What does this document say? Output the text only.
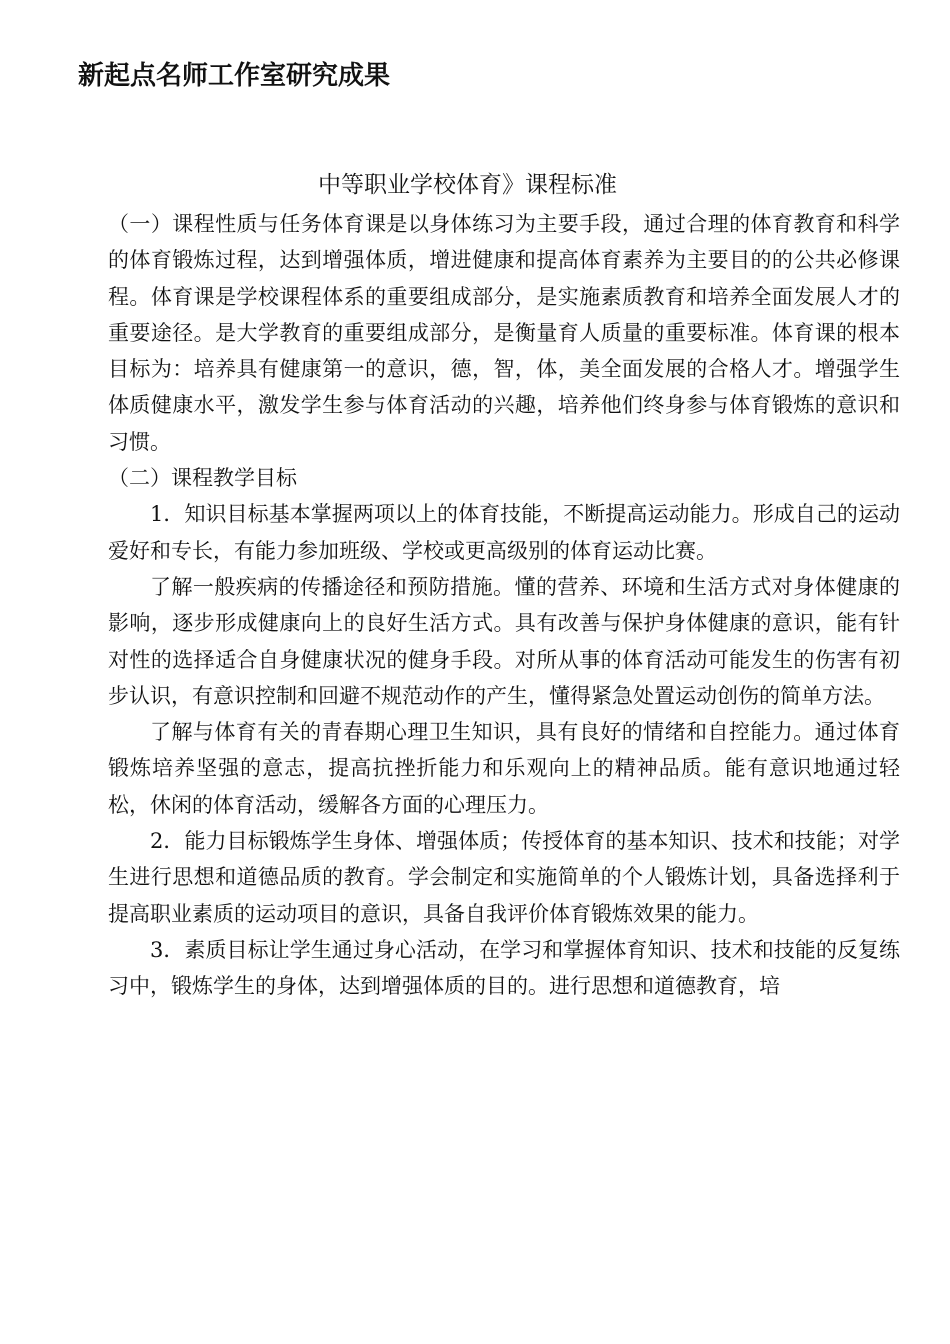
新起点名师工作室研究成果
中等职业学校体育》课程标准

（一）课程性质与任务体育课是以身体练习为主要手段，通过合理的体育教育和科学的体育锻炼过程，达到增强体质，增进健康和提高体育素养为主要目的的公共必修课程。体育课是学校课程体系的重要组成部分，是实施素质教育和培养全面发展人才的重要途径。是大学教育的重要组成部分，是衡量育人质量的重要标准。体育课的根本目标为：培养具有健康第一的意识，德，智，体，美全面发展的合格人才。增强学生体质健康水平，激发学生参与体育活动的兴趣，培养他们终身参与体育锻炼的意识和习惯。

（二）课程教学目标

1．知识目标基本掌握两项以上的体育技能，不断提高运动能力。形成自己的运动爱好和专长，有能力参加班级、学校或更高级别的体育运动比赛。

了解一般疾病的传播途径和预防措施。懂的营养、环境和生活方式对身体健康的影响，逐步形成健康向上的良好生活方式。具有改善与保护身体健康的意识，能有针对性的选择适合自身健康状况的健身手段。对所从事的体育活动可能发生的伤害有初步认识，有意识控制和回避不规范动作的产生，懂得紧急处置运动创伤的简单方法。

了解与体育有关的青春期心理卫生知识，具有良好的情绪和自控能力。通过体育锻炼培养坚强的意志，提高抗挫折能力和乐观向上的精神品质。能有意识地通过轻松，休闲的体育活动，缓解各方面的心理压力。

2．能力目标锻炼学生身体、增强体质；传授体育的基本知识、技术和技能；对学生进行思想和道德品质的教育。学会制定和实施简单的个人锻炼计划，具备选择利于提高职业素质的运动项目的意识，具备自我评价体育锻炼效果的能力。

3．素质目标让学生通过身心活动，在学习和掌握体育知识、技术和技能的反复练习中，锻炼学生的身体，达到增强体质的目的。进行思想和道德教育，培
